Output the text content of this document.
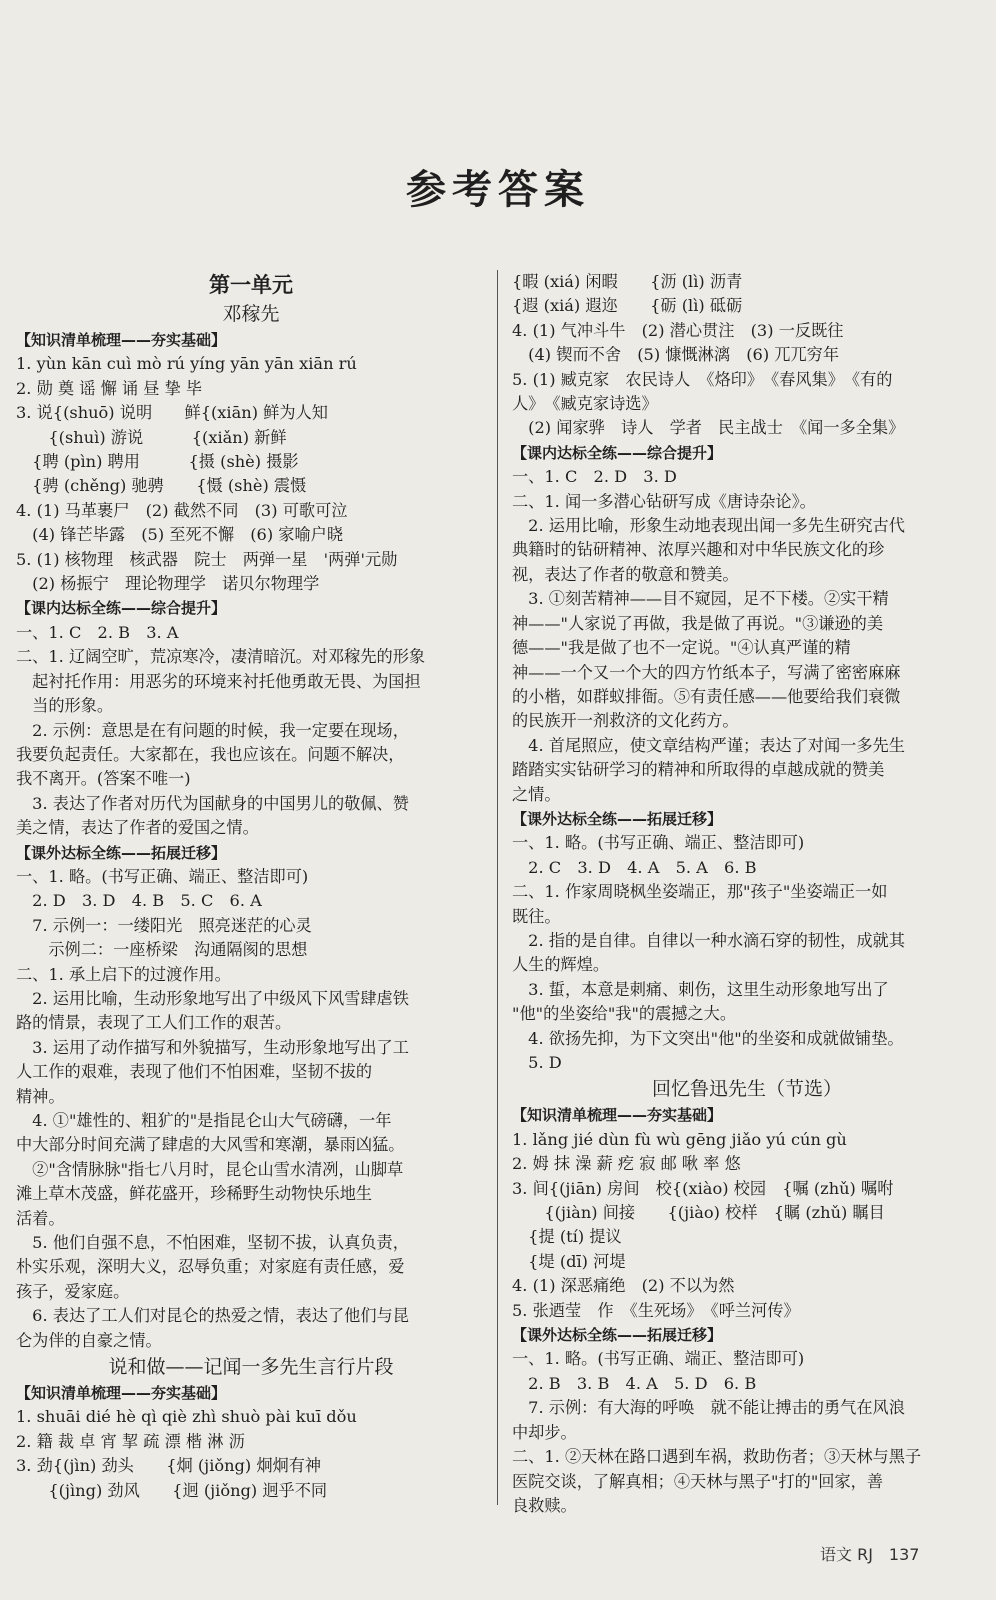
参考答案
第一单元
邓稼先
【知识清单梳理——夯实基础】
1. yùn kān cuì mò rú yíng yān yān xiān rú
2. 勋 奠 谣 懈 诵 昼 挚 毕
3. 说{(shuō) 说明　　鲜{(xiān) 鲜为人知
　　{(shuì) 游说　　　{(xiǎn) 新鲜
　{聘 (pìn) 聘用　　　{摄 (shè) 摄影
　{骋 (chěng) 驰骋　　{慑 (shè) 震慑
4. (1) 马革裹尸　(2) 截然不同　(3) 可歌可泣
　(4) 锋芒毕露　(5) 至死不懈　(6) 家喻户晓
5. (1) 核物理　核武器　院士　两弹一星　'两弹'元勋
　(2) 杨振宁　理论物理学　诺贝尔物理学
【课内达标全练——综合提升】
一、1. C　2. B　3. A
二、1. 辽阔空旷，荒凉寒冷，凄清暗沉。对邓稼先的形象
　起衬托作用：用恶劣的环境来衬托他勇敢无畏、为国担
　当的形象。
　2. 示例：意思是在有问题的时候，我一定要在现场，
我要负起责任。大家都在，我也应该在。问题不解决，
我不离开。(答案不唯一)
　3. 表达了作者对历代为国献身的中国男儿的敬佩、赞
美之情，表达了作者的爱国之情。
【课外达标全练——拓展迁移】
一、1. 略。(书写正确、端正、整洁即可)
　2. D　3. D　4. B　5. C　6. A
　7. 示例一：一缕阳光　照亮迷茫的心灵
　　示例二：一座桥梁　沟通隔阂的思想
二、1. 承上启下的过渡作用。
　2. 运用比喻，生动形象地写出了中级风下风雪肆虐铁
路的情景，表现了工人们工作的艰苦。
　3. 运用了动作描写和外貌描写，生动形象地写出了工
人工作的艰难，表现了他们不怕困难，坚韧不拔的
精神。
　4. ①"雄性的、粗犷的"是指昆仑山大气磅礴，一年
中大部分时间充满了肆虐的大风雪和寒潮，暴雨凶猛。
　②"含情脉脉"指七八月时，昆仑山雪水清冽，山脚草
滩上草木茂盛，鲜花盛开，珍稀野生动物快乐地生
活着。
　5. 他们自强不息，不怕困难，坚韧不拔，认真负责，
朴实乐观，深明大义，忍辱负重；对家庭有责任感，爱
孩子，爱家庭。
　6. 表达了工人们对昆仑的热爱之情，表达了他们与昆
仑为伴的自豪之情。
说和做——记闻一多先生言行片段
【知识清单梳理——夯实基础】
1. shuāi dié hè qì qiè zhì shuò pài kuī dǒu
2. 籍 裁 卓 宵 挈 疏 漂 楷 淋 沥
3. 劲{(jìn) 劲头　　{炯 (jiǒng) 炯炯有神
　　{(jìng) 劲风　　{迥 (jiǒng) 迥乎不同
{暇 (xiá) 闲暇　　{沥 (lì) 沥青
{遐 (xiá) 遐迩　　{砺 (lì) 砥砺
4. (1) 气冲斗牛　(2) 潜心贯注　(3) 一反既往
　(4) 锲而不舍　(5) 慷慨淋漓　(6) 兀兀穷年
5. (1) 臧克家　农民诗人　《烙印》　《春风集》　《有的
人》　《臧克家诗选》
　(2) 闻家骅　诗人　学者　民主战士　《闻一多全集》
【课内达标全练——综合提升】
一、1. C　2. D　3. D
二、1. 闻一多潜心钻研写成《唐诗杂论》。
　2. 运用比喻，形象生动地表现出闻一多先生研究古代
典籍时的钻研精神、浓厚兴趣和对中华民族文化的珍
视，表达了作者的敬意和赞美。
　3. ①刻苦精神——目不窥园，足不下楼。②实干精
神——"人家说了再做，我是做了再说。"③谦逊的美
德——"我是做了也不一定说。"④认真严谨的精
神——一个又一个大的四方竹纸本子，写满了密密麻麻
的小楷，如群蚁排衙。⑤有责任感——他要给我们衰微
的民族开一剂救济的文化药方。
　4. 首尾照应，使文章结构严谨；表达了对闻一多先生
踏踏实实钻研学习的精神和所取得的卓越成就的赞美
之情。
【课外达标全练——拓展迁移】
一、1. 略。(书写正确、端正、整洁即可)
　2. C　3. D　4. A　5. A　6. B
二、1. 作家周晓枫坐姿端正，那"孩子"坐姿端正一如
既往。
　2. 指的是自律。自律以一种水滴石穿的韧性，成就其
人生的辉煌。
　3. 蜇，本意是刺痛、刺伤，这里生动形象地写出了
"他"的坐姿给"我"的震撼之大。
　4. 欲扬先抑，为下文突出"他"的坐姿和成就做铺垫。
　5. D
回忆鲁迅先生（节选）
【知识清单梳理——夯实基础】
1. lǎng jié dùn fù wù gēng jiǎo yú cún gù
2. 姆 抹 澡 薪 疙 寂 邮 啾 率 悠
3. 间{(jiān) 房间　校{(xiào) 校园　{嘱 (zhǔ) 嘱咐
　　{(jiàn) 间接　　{(jiào) 校样　{瞩 (zhǔ) 瞩目
　{提 (tí) 提议
　{堤 (dī) 河堤
4. (1) 深恶痛绝　(2) 不以为然
5. 张迺莹　作　《生死场》　《呼兰河传》
【课外达标全练——拓展迁移】
一、1. 略。(书写正确、端正、整洁即可)
　2. B　3. B　4. A　5. D　6. B
　7. 示例：有大海的呼唤　就不能让搏击的勇气在风浪
中却步。
二、1. ②天林在路口遇到车祸，救助伤者；③天林与黑子
医院交谈，了解真相；④天林与黑子"打的"回家，善
良救赎。
语文 RJ　137
